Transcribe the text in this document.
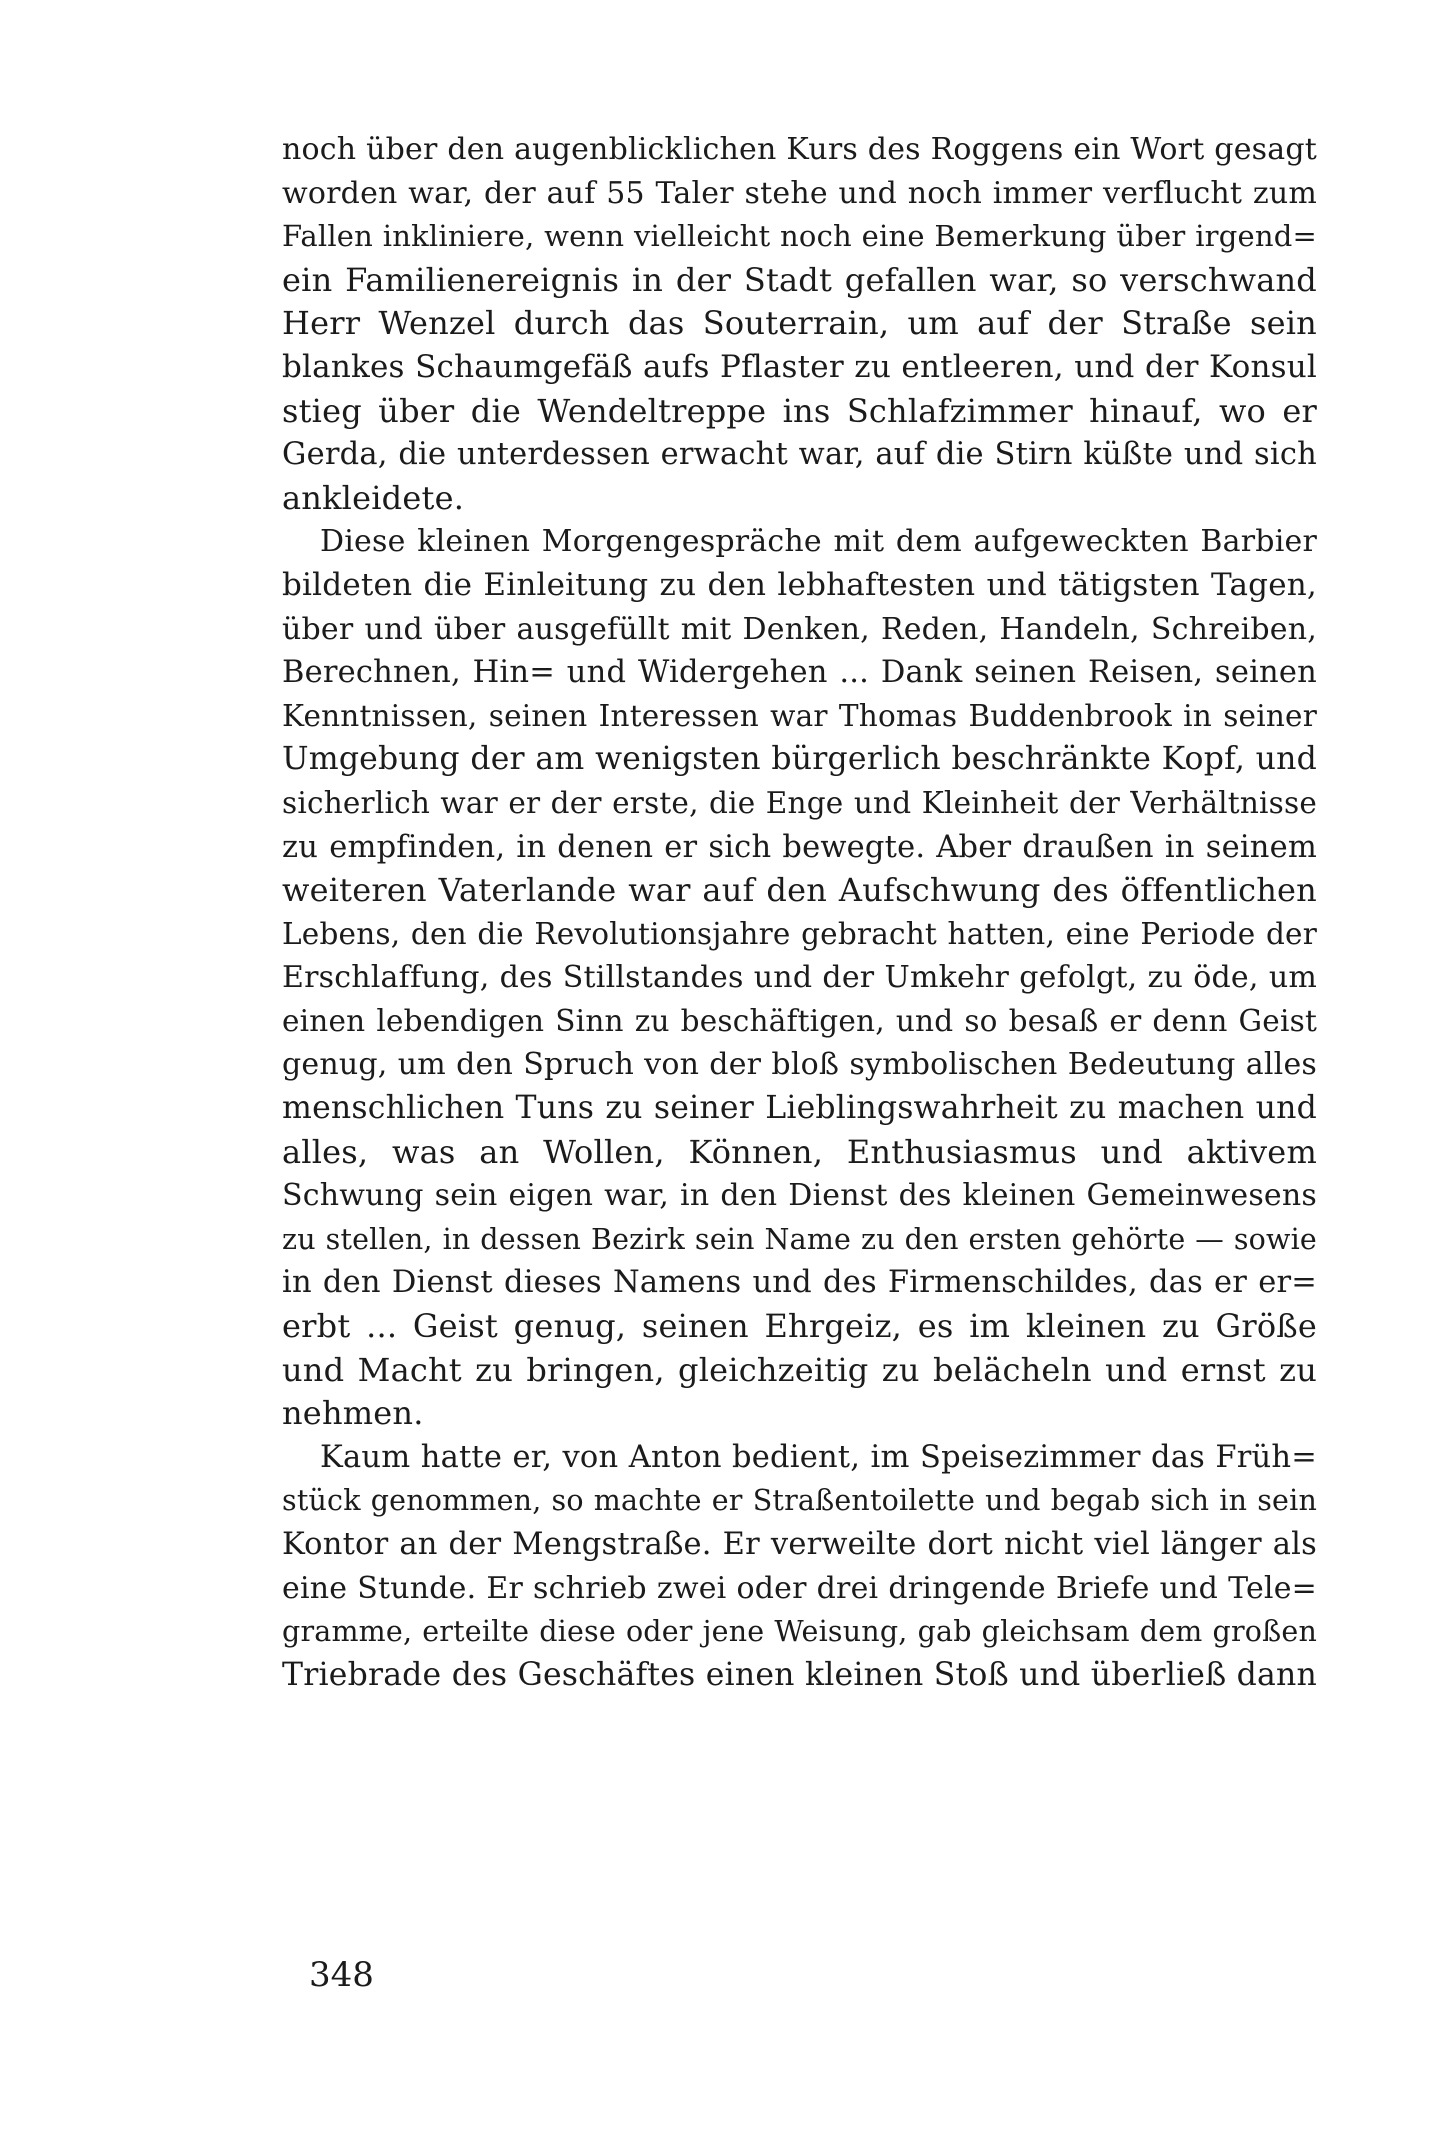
noch über den augenblicklichen Kurs des Roggens ein Wort gesagt
worden war, der auf 55 Taler stehe und noch immer verflucht zum
Fallen inkliniere, wenn vielleicht noch eine Bemerkung über irgend=
ein Familienereignis in der Stadt gefallen war, so verschwand
Herr Wenzel durch das Souterrain, um auf der Straße sein
blankes Schaumgefäß aufs Pflaster zu entleeren, und der Konsul
stieg über die Wendeltreppe ins Schlafzimmer hinauf, wo er
Gerda, die unterdessen erwacht war, auf die Stirn küßte und sich
ankleidete.
Diese kleinen Morgengespräche mit dem aufgeweckten Barbier
bildeten die Einleitung zu den lebhaftesten und tätigsten Tagen,
über und über ausgefüllt mit Denken, Reden, Handeln, Schreiben,
Berechnen, Hin= und Widergehen ... Dank seinen Reisen, seinen
Kenntnissen, seinen Interessen war Thomas Buddenbrook in seiner
Umgebung der am wenigsten bürgerlich beschränkte Kopf, und
sicherlich war er der erste, die Enge und Kleinheit der Verhältnisse
zu empfinden, in denen er sich bewegte. Aber draußen in seinem
weiteren Vaterlande war auf den Aufschwung des öffentlichen
Lebens, den die Revolutionsjahre gebracht hatten, eine Periode der
Erschlaffung, des Stillstandes und der Umkehr gefolgt, zu öde, um
einen lebendigen Sinn zu beschäftigen, und so besaß er denn Geist
genug, um den Spruch von der bloß symbolischen Bedeutung alles
menschlichen Tuns zu seiner Lieblingswahrheit zu machen und
alles, was an Wollen, Können, Enthusiasmus und aktivem
Schwung sein eigen war, in den Dienst des kleinen Gemeinwesens
zu stellen, in dessen Bezirk sein Name zu den ersten gehörte — sowie
in den Dienst dieses Namens und des Firmenschildes, das er er=
erbt ... Geist genug, seinen Ehrgeiz, es im kleinen zu Größe
und Macht zu bringen, gleichzeitig zu belächeln und ernst zu
nehmen.
Kaum hatte er, von Anton bedient, im Speisezimmer das Früh=
stück genommen, so machte er Straßentoilette und begab sich in sein
Kontor an der Mengstraße. Er verweilte dort nicht viel länger als
eine Stunde. Er schrieb zwei oder drei dringende Briefe und Tele=
gramme, erteilte diese oder jene Weisung, gab gleichsam dem großen
Triebrade des Geschäftes einen kleinen Stoß und überließ dann
348
